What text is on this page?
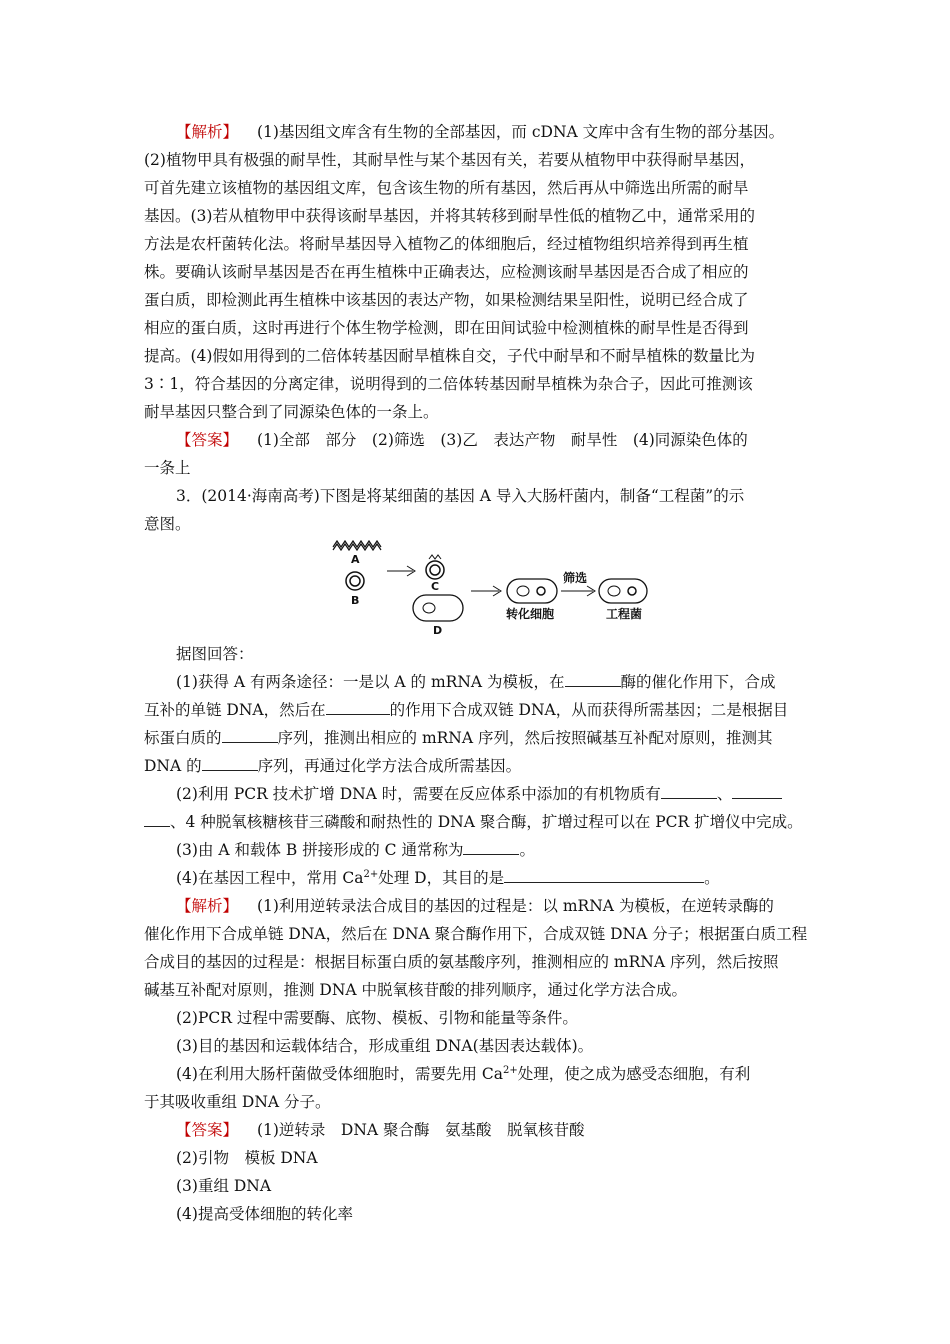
【解析】 (1)基因组文库含有生物的全部基因，而 cDNA 文库中含有生物的部分基因。
(2)植物甲具有极强的耐旱性，其耐旱性与某个基因有关，若要从植物甲中获得耐旱基因，
可首先建立该植物的基因组文库，包含该生物的所有基因，然后再从中筛选出所需的耐旱
基因。(3)若从植物甲中获得该耐旱基因，并将其转移到耐旱性低的植物乙中，通常采用的
方法是农杆菌转化法。将耐旱基因导入植物乙的体细胞后，经过植物组织培养得到再生植
株。要确认该耐旱基因是否在再生植株中正确表达，应检测该耐旱基因是否合成了相应的
蛋白质，即检测此再生植株中该基因的表达产物，如果检测结果呈阳性，说明已经合成了
相应的蛋白质，这时再进行个体生物学检测，即在田间试验中检测植株的耐旱性是否得到
提高。(4)假如用得到的二倍体转基因耐旱植株自交，子代中耐旱和不耐旱植株的数量比为
3∶1，符合基因的分离定律，说明得到的二倍体转基因耐旱植株为杂合子，因此可推测该
耐旱基因只整合到了同源染色体的一条上。
【答案】 (1)全部　部分　(2)筛选　(3)乙　表达产物　耐旱性　(4)同源染色体的
一条上
3．(2014·海南高考)下图是将某细菌的基因 A 导入大肠杆菌内，制备“工程菌”的示
意图。
据图回答：
(1)获得 A 有两条途径：一是以 A 的 mRNA 为模板，在	酶的催化作用下，合成
互补的单链 DNA，然后在	的作用下合成双链 DNA，从而获得所需基因；二是根据目
标蛋白质的	序列，推测出相应的 mRNA 序列，然后按照碱基互补配对原则，推测其
DNA 的	序列，再通过化学方法合成所需基因。
(2)利用 PCR 技术扩增 DNA 时，需要在反应体系中添加的有机物质有	、
、4 种脱氧核糖核苷三磷酸和耐热性的 DNA 聚合酶，扩增过程可以在 PCR 扩增仪中完成。
(3)由 A 和载体 B 拼接形成的 C 通常称为	。
(4)在基因工程中，常用 $Ca^{2+}$处理 D，其目的是	。
【解析】 (1)利用逆转录法合成目的基因的过程是：以 mRNA 为模板，在逆转录酶的
催化作用下合成单链 DNA，然后在 DNA 聚合酶作用下，合成双链 DNA 分子；根据蛋白质工程
合成目的基因的过程是：根据目标蛋白质的氨基酸序列，推测相应的 mRNA 序列，然后按照
碱基互补配对原则，推测 DNA 中脱氧核苷酸的排列顺序，通过化学方法合成。
(2)PCR 过程中需要酶、底物、模板、引物和能量等条件。
(3)目的基因和运载体结合，形成重组 DNA(基因表达载体)。
(4)在利用大肠杆菌做受体细胞时，需要先用 $Ca^{2+}$处理，使之成为感受态细胞，有利
于其吸收重组 DNA 分子。
【答案】 (1)逆转录　DNA 聚合酶　氨基酸　脱氧核苷酸
(2)引物　模板 DNA
(3)重组 DNA
(4)提高受体细胞的转化率
A
B
C
D
转化细胞
筛选
工程菌
